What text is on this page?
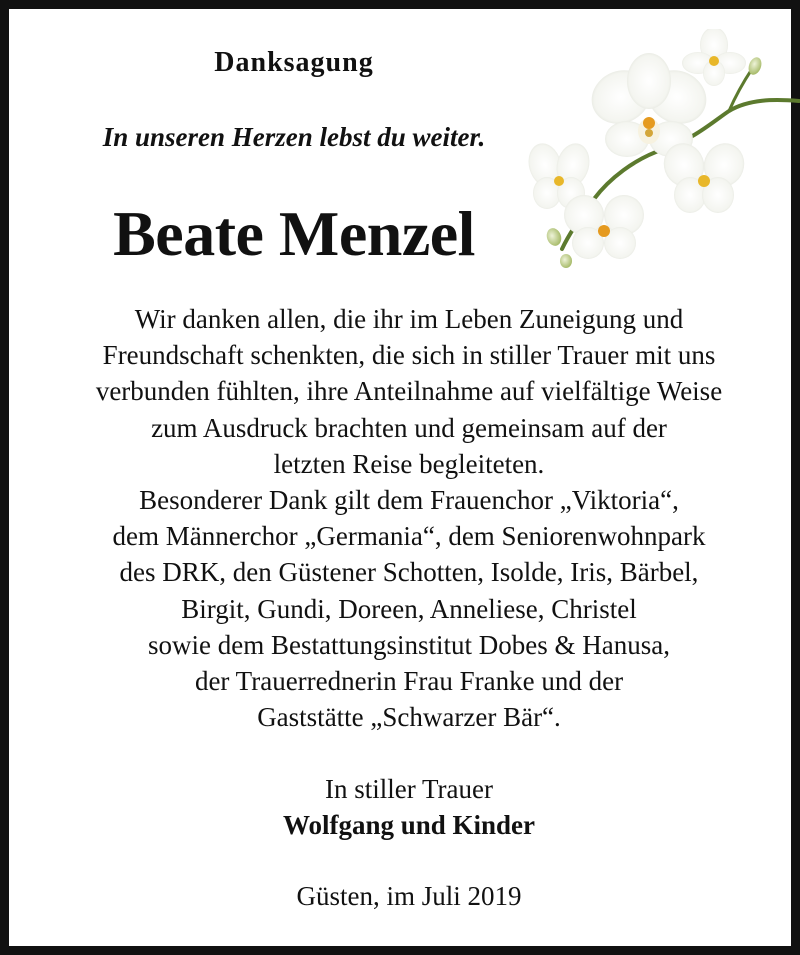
Danksagung
In unseren Herzen lebst du weiter.
Beate Menzel
Wir danken allen, die ihr im Leben Zuneigung und
Freundschaft schenkten, die sich in stiller Trauer mit uns
verbunden fühlten, ihre Anteilnahme auf vielfältige Weise
zum Ausdruck brachten und gemeinsam auf der
letzten Reise begleiteten.
Besonderer Dank gilt dem Frauenchor „Viktoria“,
dem Männerchor „Germania“, dem Seniorenwohnpark
des DRK, den Güstener Schotten, Isolde, Iris, Bärbel,
Birgit, Gundi, Doreen, Anneliese, Christel
sowie dem Bestattungsinstitut Dobes & Hanusa,
der Trauerrednerin Frau Franke und der
Gaststätte „Schwarzer Bär“.
In stiller Trauer
Wolfgang und Kinder
Güsten, im Juli 2019
